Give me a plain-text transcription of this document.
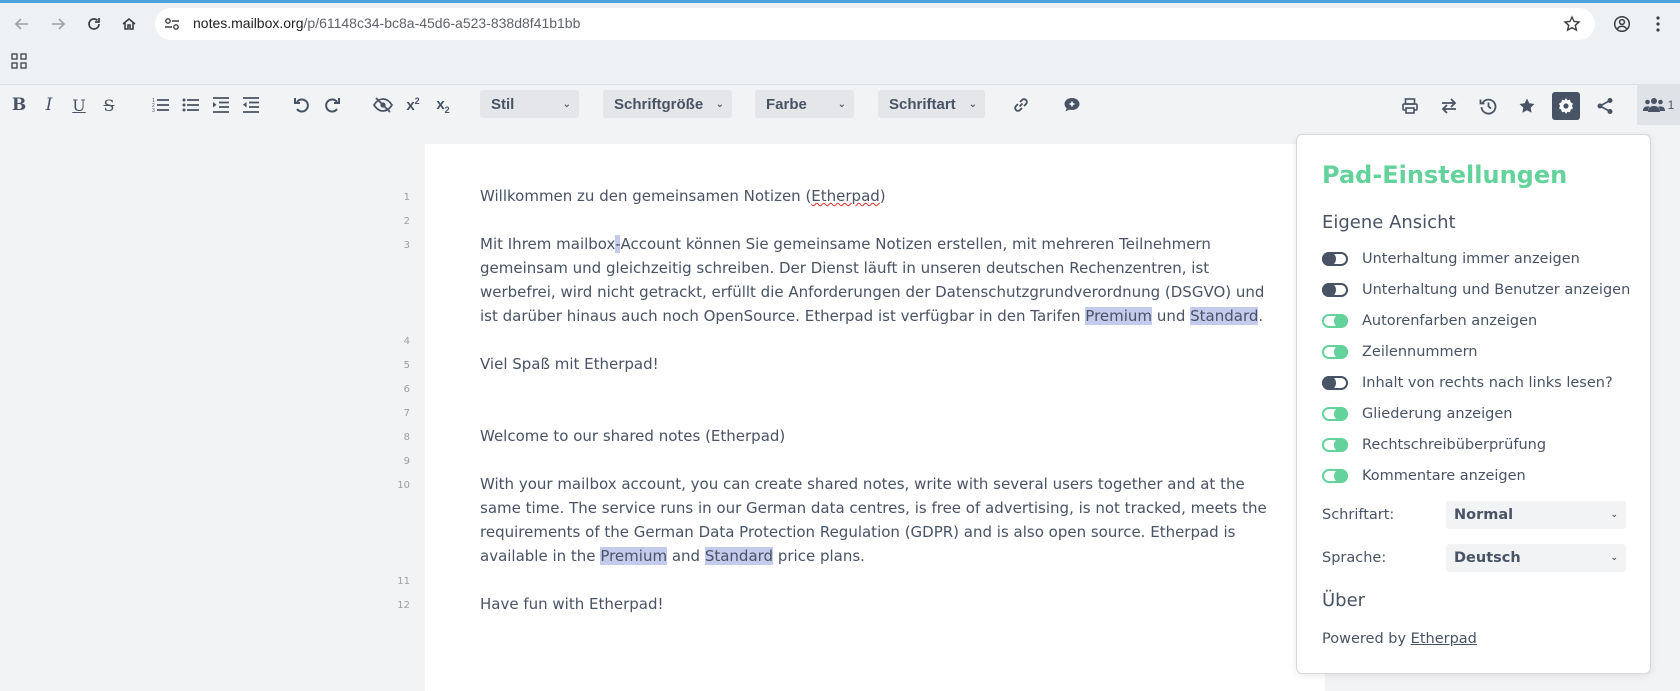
notes.mailbox.org/p/61148c34-bc8a-45d6-a523-838d8f41b1bb
B I U S	1
2
3	$x^2$ $x_2$	Stil	⌄	Schriftgröße ⌄	Farbe	⌄	Schriftart ⌄	1
1
2
3
4
5
6
7
8
9
10
11
12
Willkommen zu den gemeinsamen Notizen (Etherpad)
Mit Ihrem mailbox-Account können Sie gemeinsame Notizen erstellen, mit mehreren Teilnehmern gemeinsam und gleichzeitig schreiben. Der Dienst läuft in unseren deutschen Rechenzentren, ist werbefrei, wird nicht getrackt, erfüllt die Anforderungen der Datenschutzgrundverordnung (DSGVO) und ist darüber hinaus auch noch OpenSource. Etherpad ist verfügbar in den Tarifen Premium und Standard.
Viel Spaß mit Etherpad!
Welcome to our shared notes (Etherpad)
With your mailbox account, you can create shared notes, write with several users together and at the same time. The service runs in our German data centres, is free of advertising, is not tracked, meets the requirements of the German Data Protection Regulation (GDPR) and is also open source. Etherpad is available in the Premium and Standard price plans.
Have fun with Etherpad!
Pad-Einstellungen
Eigene Ansicht
Unterhaltung immer anzeigen
Unterhaltung und Benutzer anzeigen
Autorenfarben anzeigen
Zeilennummern
Inhalt von rechts nach links lesen?
Gliederung anzeigen
Rechtschreibüberprüfung
Kommentare anzeigen
Schriftart:	Normal	⌄
Sprache:	Deutsch	⌄
Über
Powered by Etherpad
